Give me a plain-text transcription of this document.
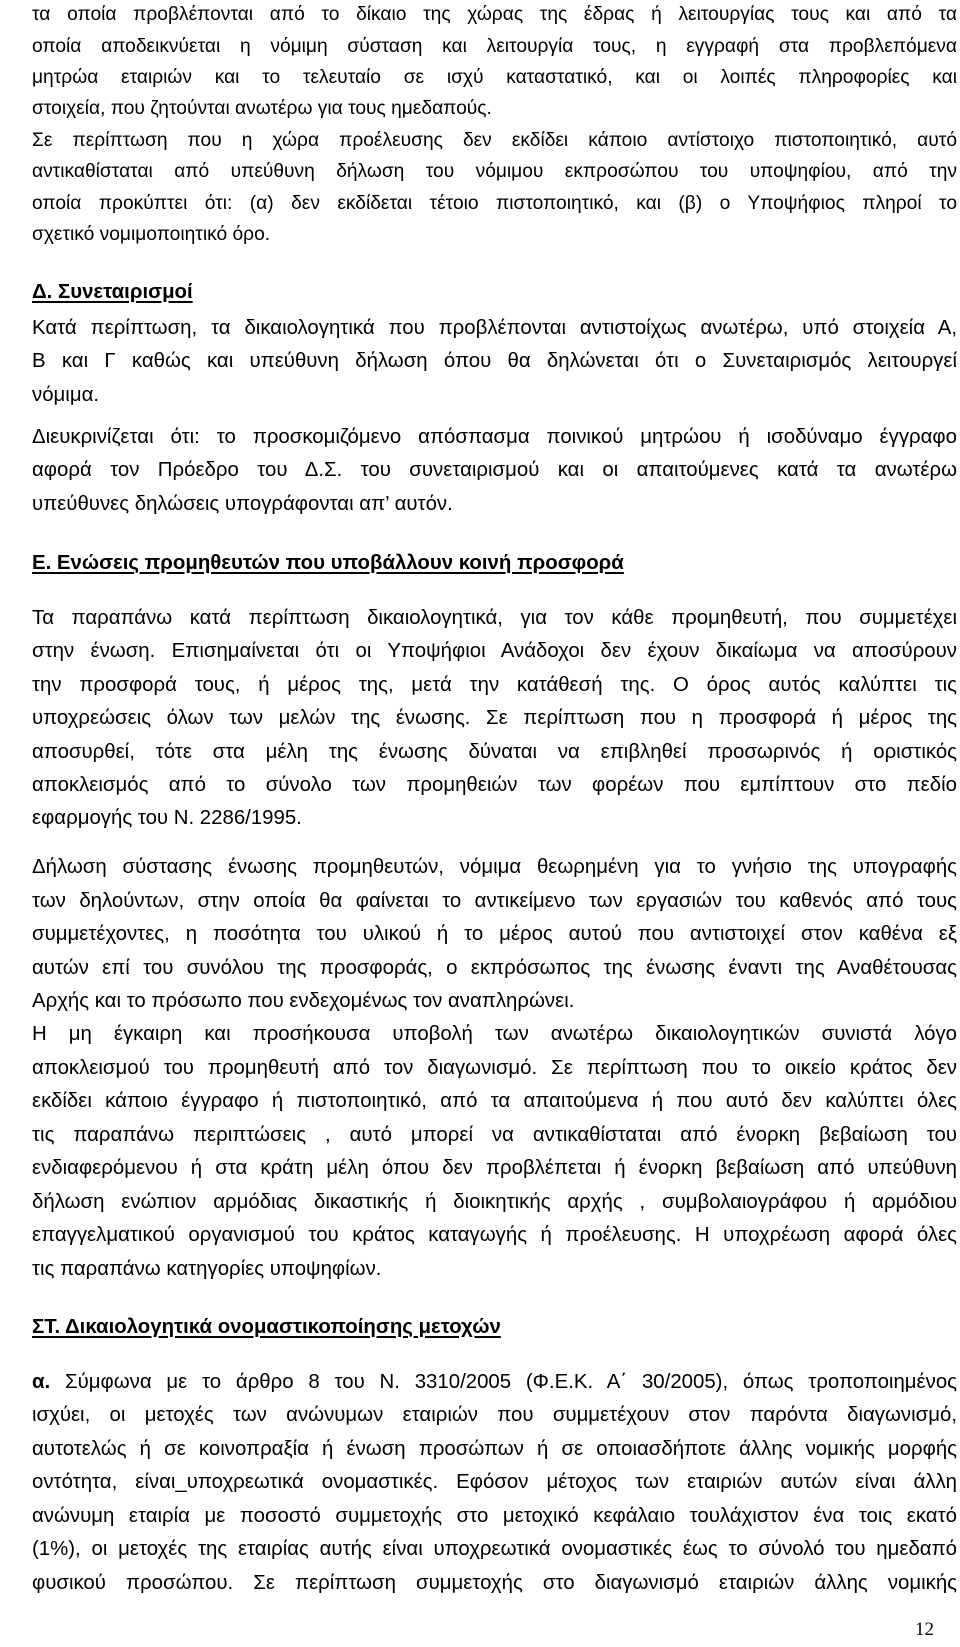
τα οποία προβλέπονται από το δίκαιο της χώρας της έδρας ή λειτουργίας τους και από τα
οποία αποδεικνύεται η νόμιμη σύσταση και λειτουργία τους, η εγγραφή στα προβλεπόμενα
μητρώα εταιριών και το τελευταίο σε ισχύ καταστατικό, και οι λοιπές πληροφορίες και
στοιχεία, που ζητούνται ανωτέρω για τους ημεδαπούς.
Σε περίπτωση που η χώρα προέλευσης δεν εκδίδει κάποιο αντίστοιχο πιστοποιητικό, αυτό
αντικαθίσταται από υπεύθυνη δήλωση του νόμιμου εκπροσώπου του υποψηφίου, από την
οποία προκύπτει ότι: (α) δεν εκδίδεται τέτοιο πιστοποιητικό, και (β) ο Υποψήφιος πληροί το
σχετικό νομιμοποιητικό όρο.
Δ. Συνεταιρισμοί
Κατά περίπτωση, τα δικαιολογητικά που προβλέπονται αντιστοίχως ανωτέρω, υπό στοιχεία Α,
Β και Γ καθώς και υπεύθυνη δήλωση όπου θα δηλώνεται ότι ο Συνεταιρισμός λειτουργεί
νόμιμα.
Διευκρινίζεται ότι: το προσκομιζόμενο απόσπασμα ποινικού μητρώου ή ισοδύναμο έγγραφο
αφορά τον Πρόεδρο του Δ.Σ. του συνεταιρισμού και οι απαιτούμενες κατά τα ανωτέρω
υπεύθυνες δηλώσεις υπογράφονται απ’ αυτόν.
Ε. Ενώσεις προμηθευτών που υποβάλλουν κοινή προσφορά
Τα παραπάνω κατά περίπτωση δικαιολογητικά, για τον κάθε προμηθευτή, που συμμετέχει
στην ένωση. Επισημαίνεται ότι οι Υποψήφιοι Ανάδοχοι δεν έχουν δικαίωμα να αποσύρουν
την προσφορά τους, ή μέρος της, μετά την κατάθεσή της. Ο όρος αυτός καλύπτει τις
υποχρεώσεις όλων των μελών της ένωσης. Σε περίπτωση που η προσφορά ή μέρος της
αποσυρθεί, τότε στα μέλη της ένωσης δύναται να επιβληθεί προσωρινός ή οριστικός
αποκλεισμός από το σύνολο των προμηθειών των φορέων που εμπίπτουν στο πεδίο
εφαρμογής του Ν. 2286/1995.
Δήλωση σύστασης ένωσης προμηθευτών, νόμιμα θεωρημένη για το γνήσιο της υπογραφής
των δηλούντων, στην οποία θα φαίνεται το αντικείμενο των εργασιών του καθενός από τους
συμμετέχοντες, η ποσότητα του υλικού ή το μέρος αυτού που αντιστοιχεί στον καθένα εξ
αυτών επί του συνόλου της προσφοράς, ο εκπρόσωπος της ένωσης έναντι της Αναθέτουσας
Αρχής και το πρόσωπο που ενδεχομένως τον αναπληρώνει.
Η μη έγκαιρη και προσήκουσα υποβολή των ανωτέρω δικαιολογητικών συνιστά λόγο
αποκλεισμού του προμηθευτή από τον διαγωνισμό. Σε περίπτωση που το οικείο κράτος δεν
εκδίδει κάποιο έγγραφο ή πιστοποιητικό, από τα απαιτούμενα ή που αυτό δεν καλύπτει όλες
τις παραπάνω περιπτώσεις , αυτό μπορεί να αντικαθίσταται από ένορκη βεβαίωση του
ενδιαφερόμενου ή στα κράτη μέλη όπου δεν προβλέπεται ή ένορκη βεβαίωση από υπεύθυνη
δήλωση ενώπιον αρμόδιας δικαστικής ή διοικητικής αρχής , συμβολαιογράφου ή αρμόδιου
επαγγελματικού οργανισμού του κράτος καταγωγής ή προέλευσης. Η υποχρέωση αφορά όλες
τις παραπάνω κατηγορίες υποψηφίων.
ΣΤ. Δικαιολογητικά ονομαστικοποίησης μετοχών
α. Σύμφωνα με το άρθρο 8 του Ν. 3310/2005 (Φ.Ε.Κ. Α΄ 30/2005), όπως τροποποιημένος
ισχύει, οι μετοχές των ανώνυμων εταιριών που συμμετέχουν στον παρόντα διαγωνισμό,
αυτοτελώς ή σε κοινοπραξία ή ένωση προσώπων ή σε οποιασδήποτε άλλης νομικής μορφής
οντότητα, είναι_υποχρεωτικά ονομαστικές. Εφόσον μέτοχος των εταιριών αυτών είναι άλλη
ανώνυμη εταιρία με ποσοστό συμμετοχής στο μετοχικό κεφάλαιο τουλάχιστον ένα τοις εκατό
(1%), οι μετοχές της εταιρίας αυτής είναι υποχρεωτικά ονομαστικές έως το σύνολό του ημεδαπό
φυσικού προσώπου. Σε περίπτωση συμμετοχής στο διαγωνισμό εταιριών άλλης νομικής
12
